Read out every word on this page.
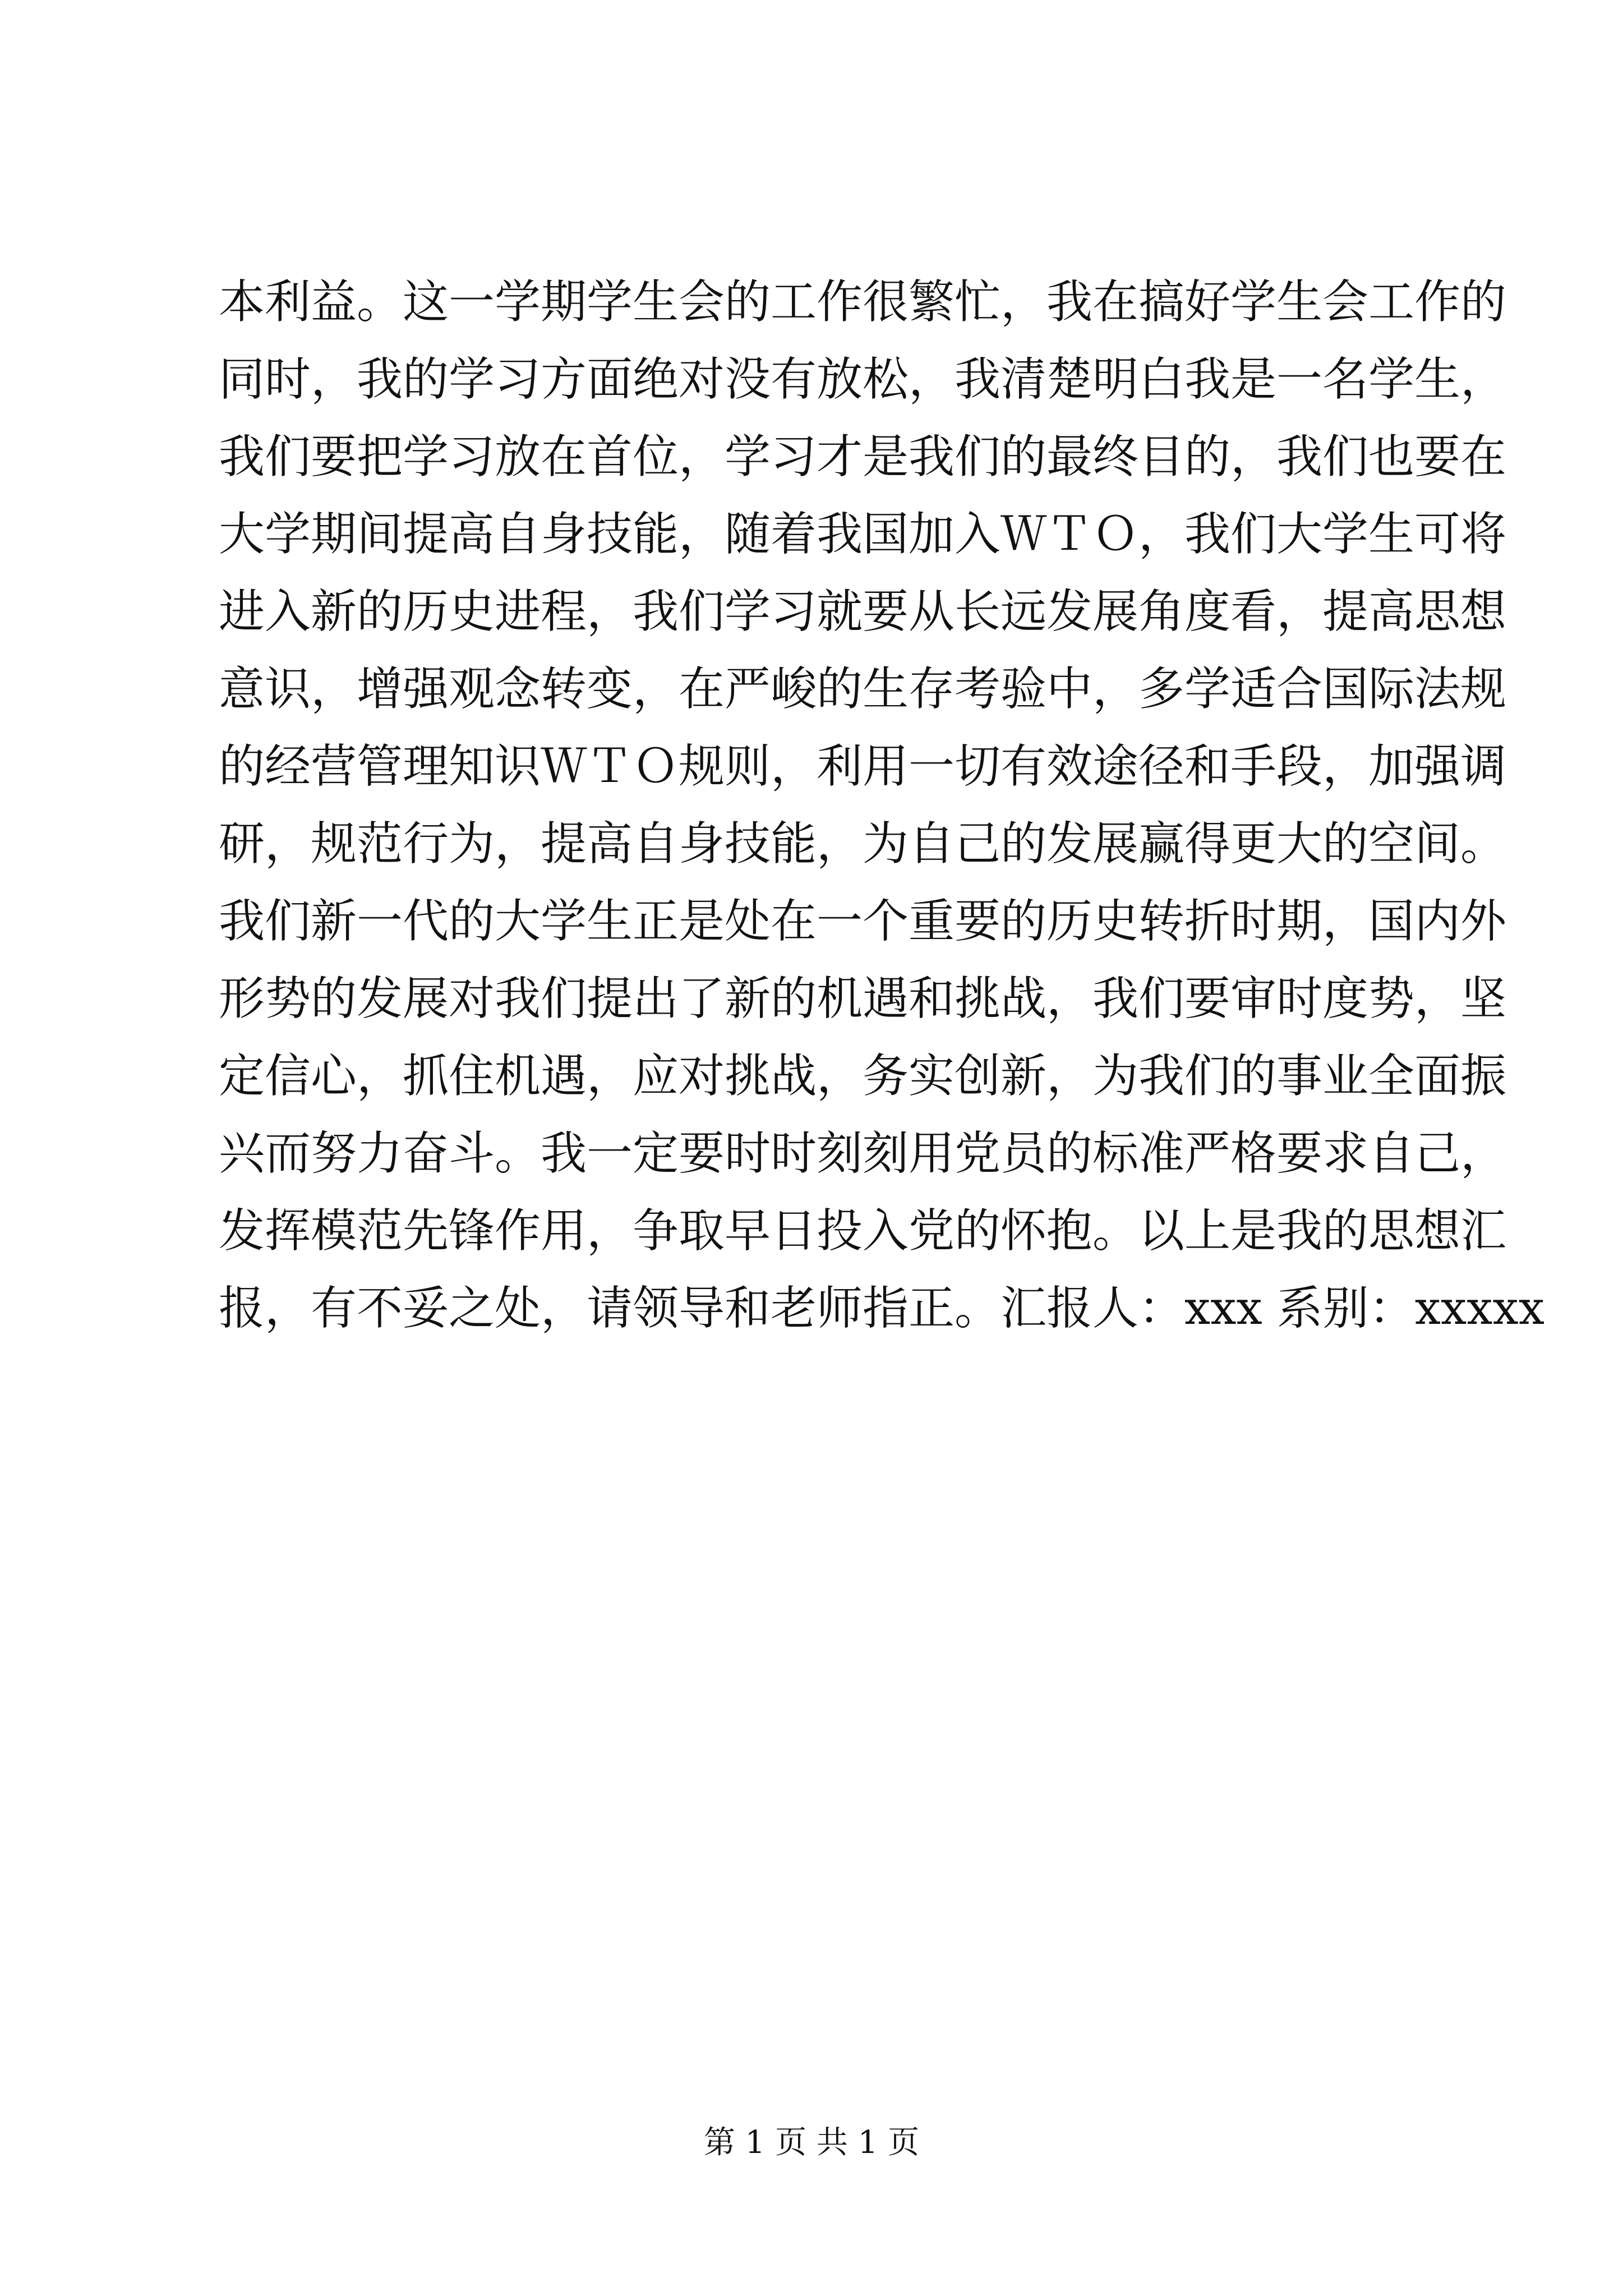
本利益。这一学期学生会的工作很繁忙，我在搞好学生会工作的
同时，我的学习方面绝对没有放松，我清楚明白我是一名学生，
我们要把学习放在首位，学习才是我们的最终目的，我们也要在
大学期间提高自身技能，随着我国加入ＷＴＯ，我们大学生可将
进入新的历史进程，我们学习就要从长远发展角度看，提高思想
意识，增强观念转变，在严峻的生存考验中，多学适合国际法规
的经营管理知识ＷＴＯ规则，利用一切有效途径和手段，加强调
研，规范行为，提高自身技能，为自己的发展赢得更大的空间。
我们新一代的大学生正是处在一个重要的历史转折时期，国内外
形势的发展对我们提出了新的机遇和挑战，我们要审时度势，坚
定信心，抓住机遇，应对挑战，务实创新，为我们的事业全面振
兴而努力奋斗。我一定要时时刻刻用党员的标准严格要求自己，
发挥模范先锋作用，争取早日投入党的怀抱。以上是我的思想汇
报，有不妥之处，请领导和老师指正。汇报人：xxx 系别：xxxxx
第 1 页 共 1 页
